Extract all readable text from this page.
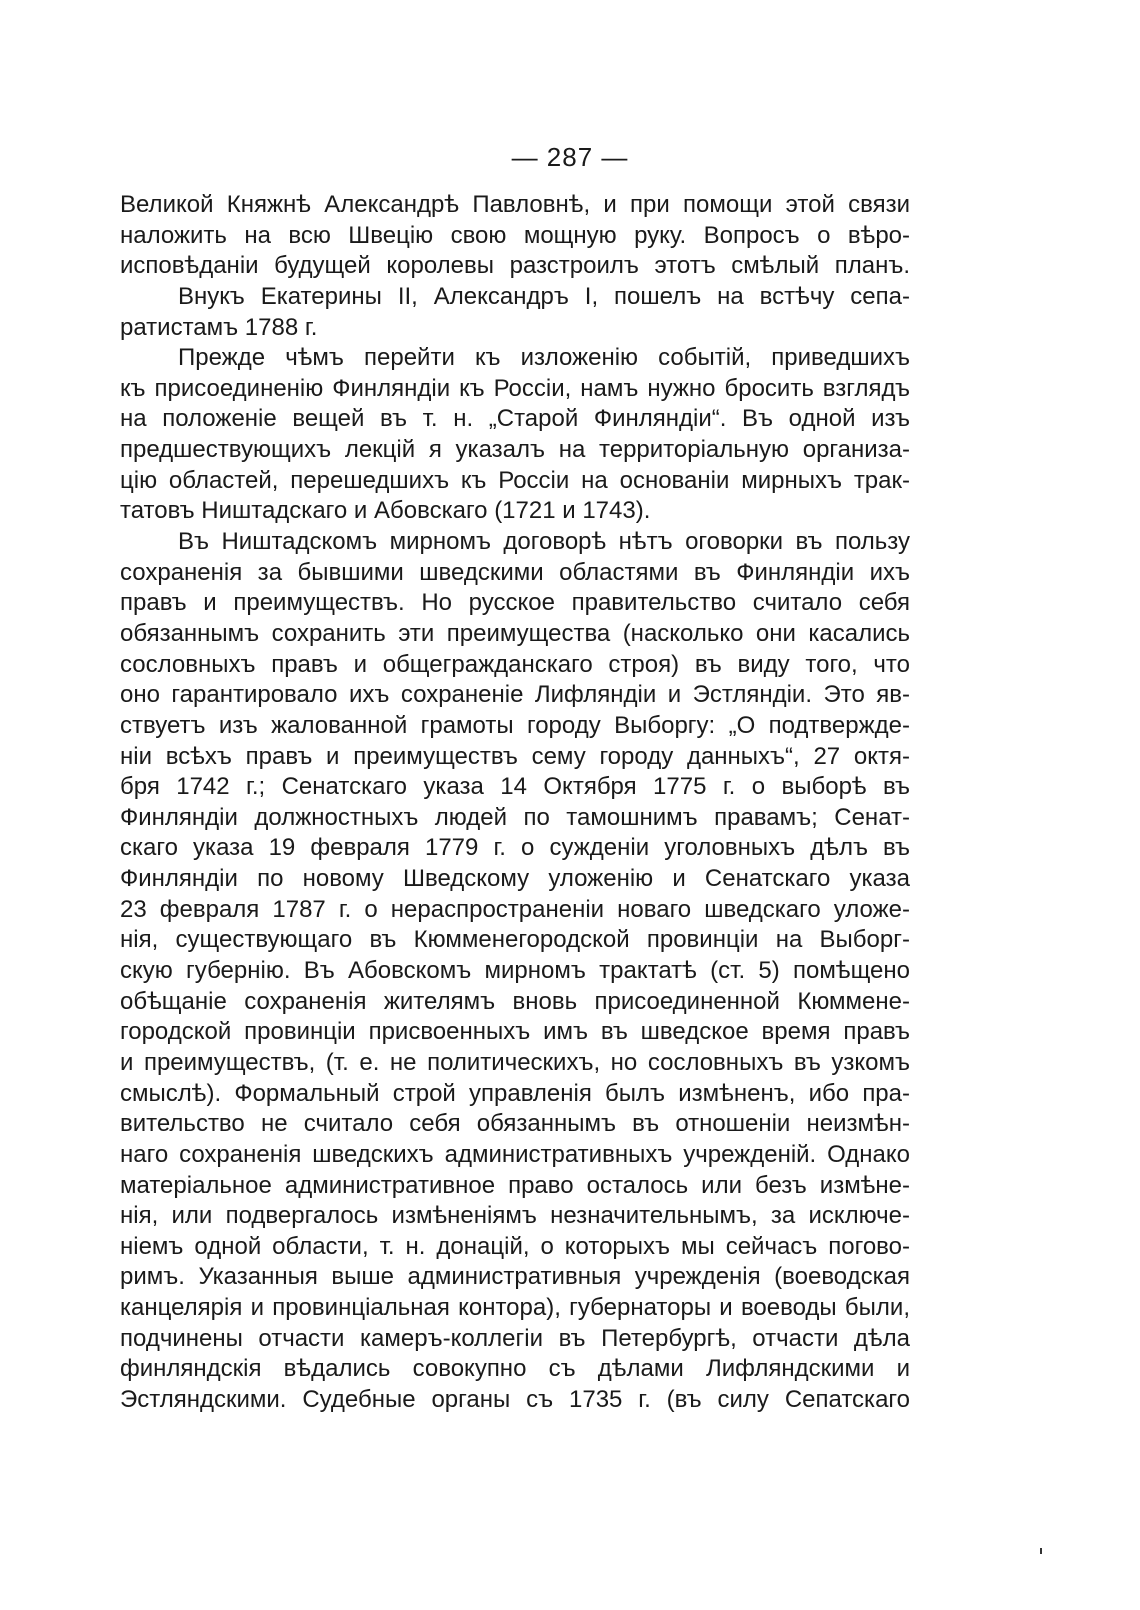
— 287 —
Великой Княжнѣ Александрѣ Павловнѣ, и при помощи этой связи
наложить на всю Швецію свою мощную руку. Вопросъ о вѣро-
исповѣданіи будущей королевы разстроилъ этотъ смѣлый планъ.
Внукъ Екатерины II, Александръ I, пошелъ на встѣчу сепа-
ратистамъ 1788 г.
Прежде чѣмъ перейти къ изложенію событій, приведшихъ
къ присоединенію Финляндіи къ Россіи, намъ нужно бросить взглядъ
на положеніе вещей въ т. н. „Старой Финляндіи“. Въ одной изъ
предшествующихъ лекцій я указалъ на территоріальную организа-
цію областей, перешедшихъ къ Россіи на основаніи мирныхъ трак-
татовъ Ништадскаго и Абовскаго (1721 и 1743).
Въ Ништадскомъ мирномъ договорѣ нѣтъ оговорки въ пользу
сохраненія за бывшими шведскими областями въ Финляндіи ихъ
правъ и преимуществъ. Но русское правительство считало себя
обязаннымъ сохранить эти преимущества (насколько они касались
сословныхъ правъ и общегражданскаго строя) въ виду того, что
оно гарантировало ихъ сохраненіе Лифляндіи и Эстляндіи. Это яв-
ствуетъ изъ жалованной грамоты городу Выборгу: „О подтвержде-
ніи всѣхъ правъ и преимуществъ сему городу данныхъ“, 27 октя-
бря 1742 г.; Сенатскаго указа 14 Октября 1775 г. о выборѣ въ
Финляндіи должностныхъ людей по тамошнимъ правамъ; Сенат-
скаго указа 19 февраля 1779 г. о сужденіи уголовныхъ дѣлъ въ
Финляндіи по новому Шведскому уложенію и Сенатскаго указа
23 февраля 1787 г. о нераспространеніи новаго шведскаго уложе-
нія, существующаго въ Кюмменегородской провинціи на Выборг-
скую губернію. Въ Абовскомъ мирномъ трактатѣ (ст. 5) помѣщено
обѣщаніе сохраненія жителямъ вновь присоединенной Кюммене-
городской провинціи присвоенныхъ имъ въ шведское время правъ
и преимуществъ, (т. е. не политическихъ, но сословныхъ въ узкомъ
смыслѣ). Формальный строй управленія былъ измѣненъ, ибо пра-
вительство не считало себя обязаннымъ въ отношеніи неизмѣн-
наго сохраненія шведскихъ административныхъ учрежденій. Однако
матеріальное административное право осталось или безъ измѣне-
нія, или подвергалось измѣненіямъ незначительнымъ, за исключе-
ніемъ одной области, т. н. донацій, о которыхъ мы сейчасъ погово-
римъ. Указанныя выше административныя учрежденія (воеводская
канцелярія и провинціальная контора), губернаторы и воеводы были,
подчинены отчасти камеръ-коллегіи въ Петербургѣ, отчасти дѣла
финляндскія вѣдались совокупно съ дѣлами Лифляндскими и
Эстляндскими. Судебные органы съ 1735 г. (въ силу Сепатскаго
